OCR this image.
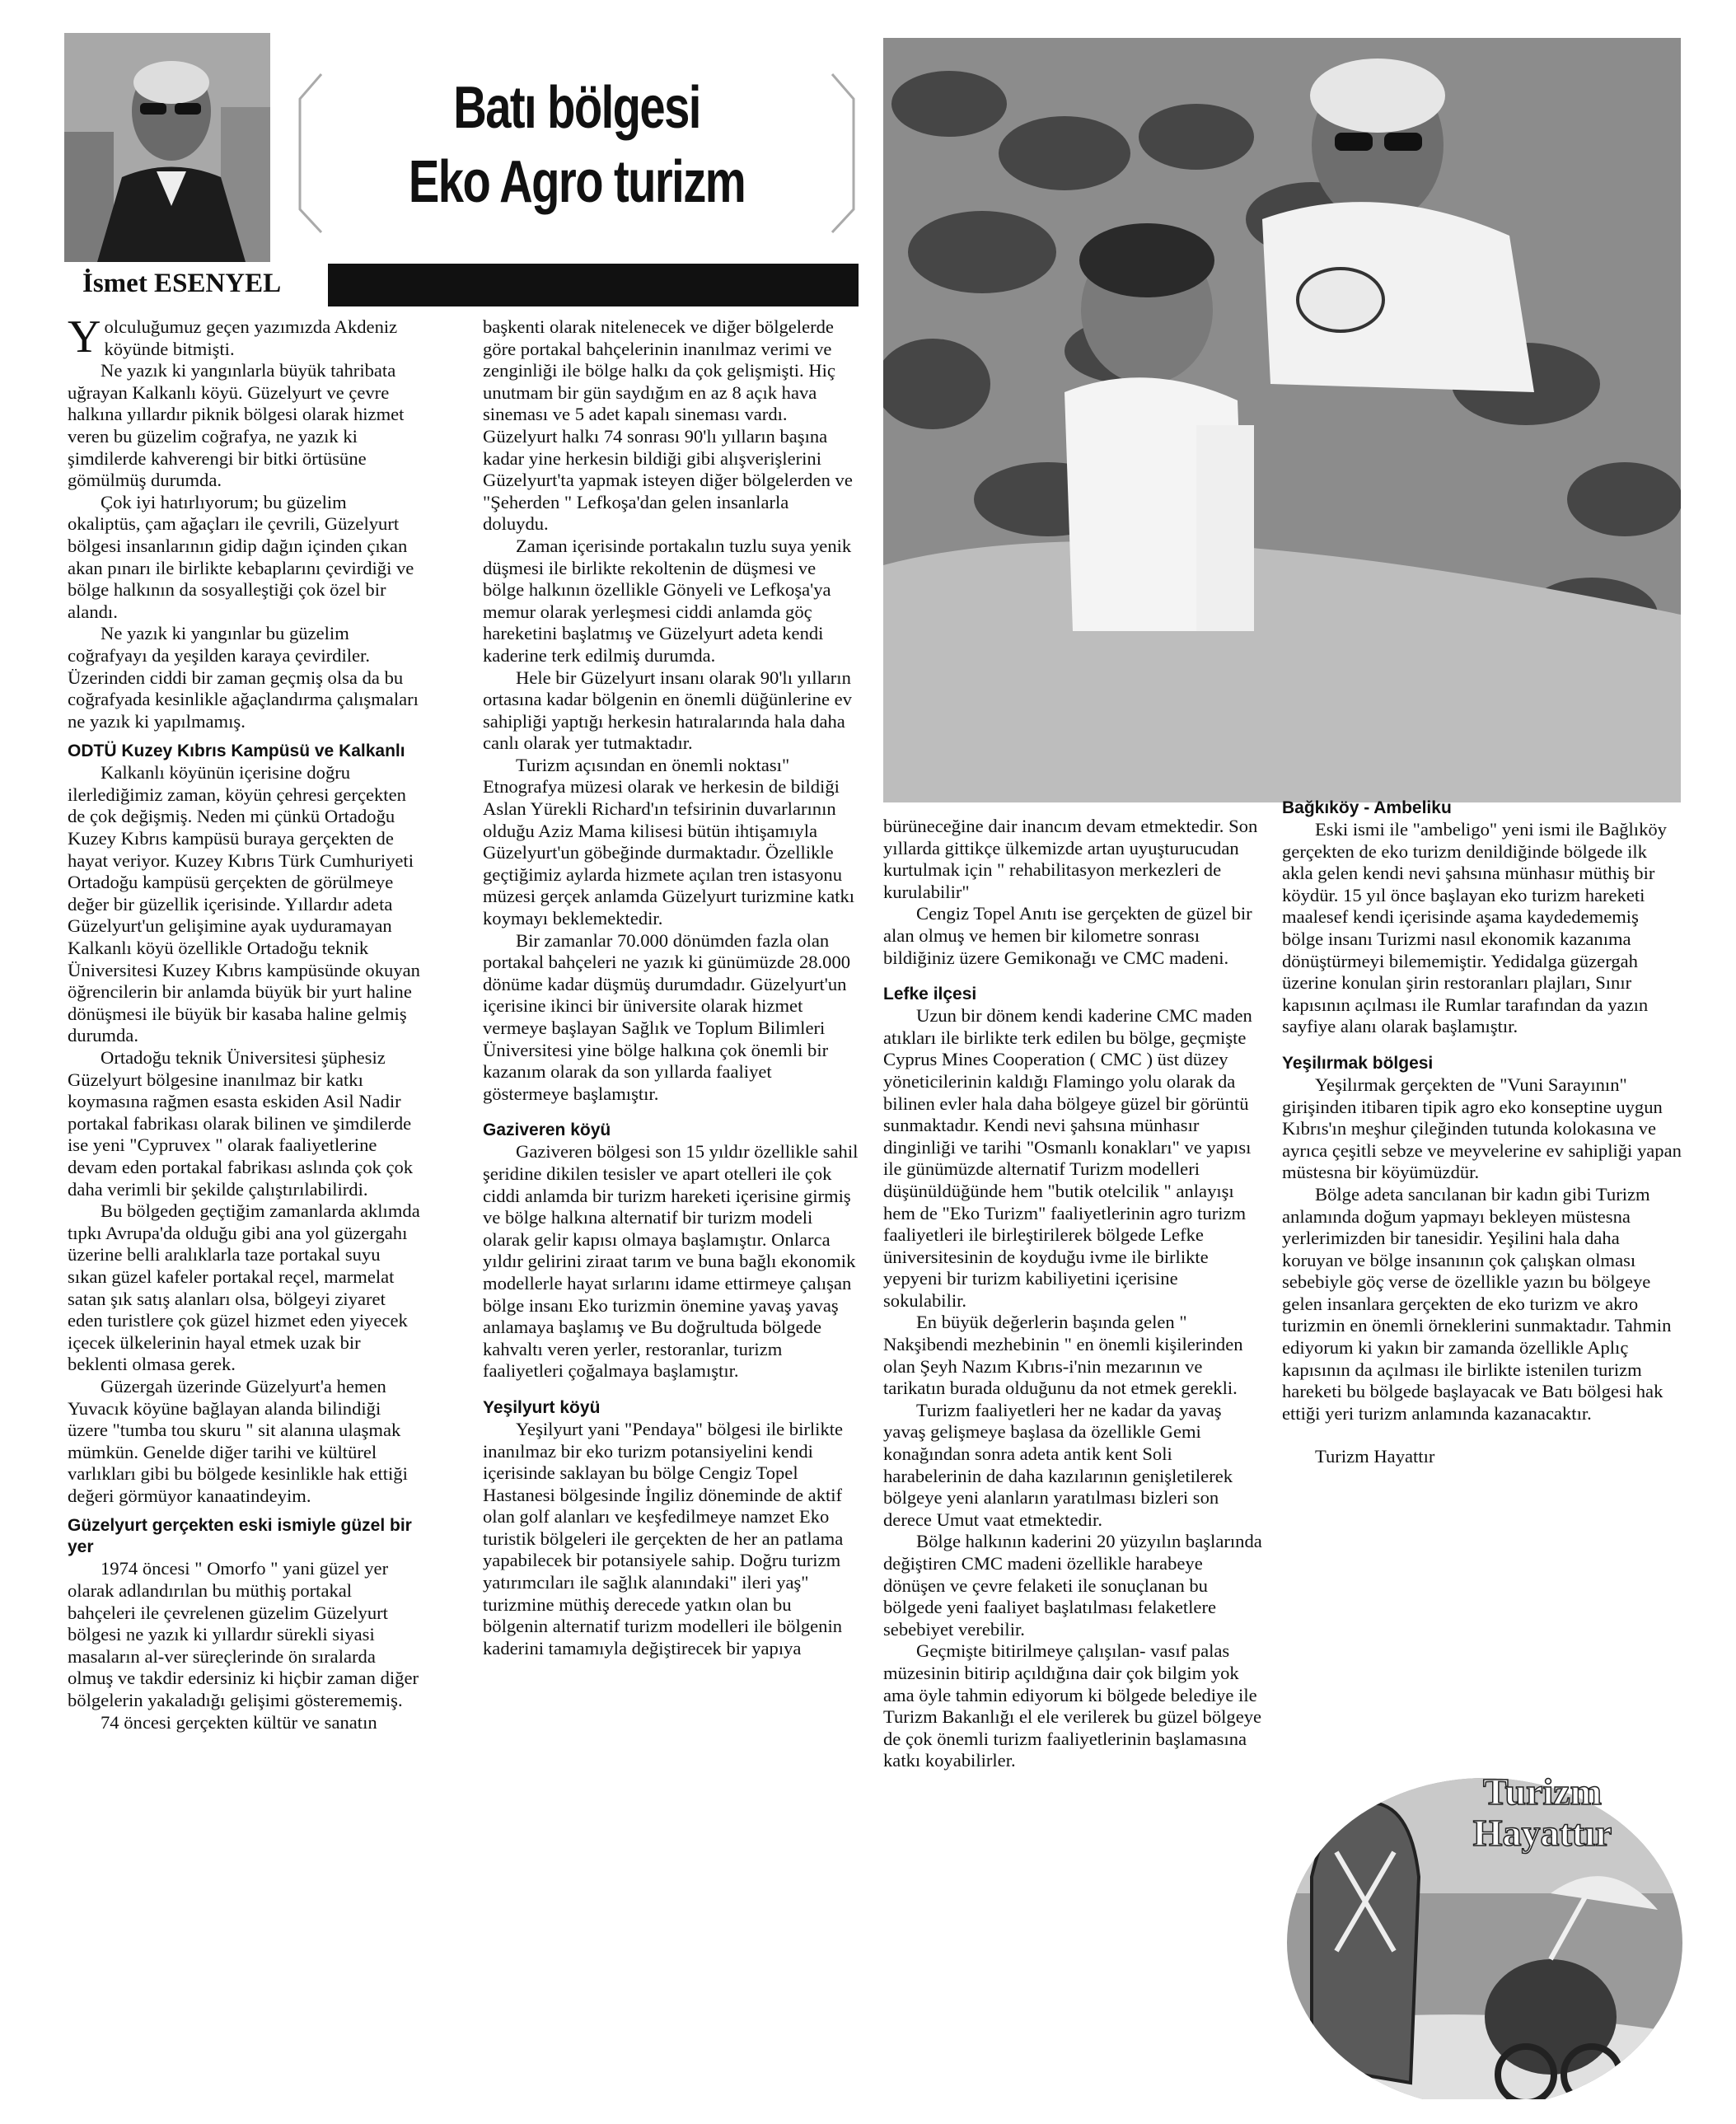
Batı bölgesi
Eko Agro turizm
İsmet ESENYEL

Yolculuğumuz geçen yazımızda Akdeniz köyünde bitmişti.

Ne yazık ki yangınlarla büyük tahribata uğrayan Kalkanlı köyü. Güzelyurt ve çevre halkına yıllardır piknik bölgesi olarak hizmet veren bu güzelim coğrafya, ne yazık ki şimdilerde kahverengi bir bitki örtüsüne gömülmüş durumda.

Çok iyi hatırlıyorum; bu güzelim okaliptüs, çam ağaçları ile çevrili, Güzelyurt bölgesi insanlarının gidip dağın içinden çıkan akan pınarı ile birlikte kebaplarını çevirdiği ve bölge halkının da sosyalleştiği çok özel bir alandı.

Ne yazık ki yangınlar bu güzelim coğrafyayı da yeşilden karaya çevirdiler. Üzerinden ciddi bir zaman geçmiş olsa da bu coğrafyada kesinlikle ağaçlandırma çalışmaları ne yazık ki yapılmamış.

ODTÜ Kuzey Kıbrıs Kampüsü ve Kalkanlı

Kalkanlı köyünün içerisine doğru ilerlediğimiz zaman, köyün çehresi gerçekten de çok değişmiş. Neden mi çünkü Ortadoğu Kuzey Kıbrıs kampüsü buraya gerçekten de hayat veriyor. Kuzey Kıbrıs Türk Cumhuriyeti Ortadoğu kampüsü gerçekten de görülmeye değer bir güzellik içerisinde. Yıllardır adeta Güzelyurt'un gelişimine ayak uyduramayan Kalkanlı köyü özellikle Ortadoğu teknik Üniversitesi Kuzey Kıbrıs kampüsünde okuyan öğrencilerin bir anlamda büyük bir yurt haline dönüşmesi ile büyük bir kasaba haline gelmiş durumda.

Ortadoğu teknik Üniversitesi şüphesiz Güzelyurt bölgesine inanılmaz bir katkı koymasına rağmen esasta eskiden Asil Nadir portakal fabrikası olarak bilinen ve şimdilerde ise yeni "Cypruvex " olarak faaliyetlerine devam eden portakal fabrikası aslında çok çok daha verimli bir şekilde çalıştırılabilirdi.

Bu bölgeden geçtiğim zamanlarda aklımda tıpkı Avrupa'da olduğu gibi ana yol güzergahı üzerine belli aralıklarla taze portakal suyu sıkan güzel kafeler portakal reçel, marmelat satan şık satış alanları olsa, bölgeyi ziyaret eden turistlere çok güzel hizmet eden yiyecek içecek ülkelerinin hayal etmek uzak bir beklenti olmasa gerek.

Güzergah üzerinde Güzelyurt'a hemen Yuvacık köyüne bağlayan alanda bilindiği üzere "tumba tou skuru " sit alanına ulaşmak mümkün. Genelde diğer tarihi ve kültürel varlıkları gibi bu bölgede kesinlikle hak ettiği değeri görmüyor kanaatindeyim.

Güzelyurt gerçekten eski ismiyle güzel bir yer

1974 öncesi " Omorfo " yani güzel yer olarak adlandırılan bu müthiş portakal bahçeleri ile çevrelenen güzelim Güzelyurt bölgesi ne yazık ki yıllardır sürekli siyasi masaların al-ver süreçlerinde ön sıralarda olmuş ve takdir edersiniz ki hiçbir zaman diğer bölgelerin yakaladığı gelişimi gösterememiş.

74 öncesi gerçekten kültür ve sanatın

başkenti olarak nitelenecek ve diğer bölgelerde göre portakal bahçelerinin inanılmaz verimi ve zenginliği ile bölge halkı da çok gelişmişti. Hiç unutmam bir gün saydığım en az 8 açık hava sineması ve 5 adet kapalı sineması vardı. Güzelyurt halkı 74 sonrası 90'lı yılların başına kadar yine herkesin bildiği gibi alışverişlerini Güzelyurt'ta yapmak isteyen diğer bölgelerden ve "Şeherden " Lefkoşa'dan gelen insanlarla doluydu.

Zaman içerisinde portakalın tuzlu suya yenik düşmesi ile birlikte rekoltenin de düşmesi ve bölge halkının özellikle Gönyeli ve Lefkoşa'ya memur olarak yerleşmesi ciddi anlamda göç hareketini başlatmış ve Güzelyurt adeta kendi kaderine terk edilmiş durumda.

Hele bir Güzelyurt insanı olarak 90'lı yılların ortasına kadar bölgenin en önemli düğünlerine ev sahipliği yaptığı herkesin hatıralarında hala daha canlı olarak yer tutmaktadır.

Turizm açısından en önemli noktası" Etnografya müzesi olarak ve herkesin de bildiği Aslan Yürekli Richard'ın tefsirinin duvarlarının olduğu Aziz Mama kilisesi bütün ihtişamıyla Güzelyurt'un göbeğinde durmaktadır. Özellikle geçtiğimiz aylarda hizmete açılan tren istasyonu müzesi gerçek anlamda Güzelyurt turizmine katkı koymayı beklemektedir.

Bir zamanlar 70.000 dönümden fazla olan portakal bahçeleri ne yazık ki günümüzde 28.000 dönüme kadar düşmüş durumdadır. Güzelyurt'un içerisine ikinci bir üniversite olarak hizmet vermeye başlayan Sağlık ve Toplum Bilimleri Üniversitesi yine bölge halkına çok önemli bir kazanım olarak da son yıllarda faaliyet göstermeye başlamıştır.

Gaziveren köyü

Gaziveren bölgesi son 15 yıldır özellikle sahil şeridine dikilen tesisler ve apart otelleri ile çok ciddi anlamda bir turizm hareketi içerisine girmiş ve bölge halkına alternatif bir turizm modeli olarak gelir kapısı olmaya başlamıştır. Onlarca yıldır gelirini ziraat tarım ve buna bağlı ekonomik modellerle hayat sırlarını idame ettirmeye çalışan bölge insanı Eko turizmin önemine yavaş yavaş anlamaya başlamış ve Bu doğrultuda bölgede kahvaltı veren yerler, restoranlar, turizm faaliyetleri çoğalmaya başlamıştır.

Yeşilyurt köyü

Yeşilyurt yani "Pendaya" bölgesi ile birlikte inanılmaz bir eko turizm potansiyelini kendi içerisinde saklayan bu bölge Cengiz Topel Hastanesi bölgesinde İngiliz döneminde de aktif olan golf alanları ve keşfedilmeye namzet Eko turistik bölgeleri ile gerçekten de her an patlama yapabilecek bir potansiyele sahip. Doğru turizm yatırımcıları ile sağlık alanındaki" ileri yaş" turizmine müthiş derecede yatkın olan bu bölgenin alternatif turizm modelleri ile bölgenin kaderini tamamıyla değiştirecek bir yapıya

bürüneceğine dair inancım devam etmektedir. Son yıllarda gittikçe ülkemizde artan uyuşturucudan kurtulmak için " rehabilitasyon merkezleri de kurulabilir"

Cengiz Topel Anıtı ise gerçekten de güzel bir alan olmuş ve hemen bir kilometre sonrası bildiğiniz üzere Gemikonağı ve CMC madeni.

Lefke ilçesi

Uzun bir dönem kendi kaderine CMC maden atıkları ile birlikte terk edilen bu bölge, geçmişte Cyprus Mines Cooperation ( CMC ) üst düzey yöneticilerinin kaldığı Flamingo yolu olarak da bilinen evler hala daha bölgeye güzel bir görüntü sunmaktadır. Kendi nevi şahsına münhasır dinginliği ve tarihi "Osmanlı konakları" ve yapısı ile günümüzde alternatif Turizm modelleri düşünüldüğünde hem "butik otelcilik " anlayışı hem de "Eko Turizm" faaliyetlerinin agro turizm faaliyetleri ile birleştirilerek bölgede Lefke üniversitesinin de koyduğu ivme ile birlikte yepyeni bir turizm kabiliyetini içerisine sokulabilir.

En büyük değerlerin başında gelen " Nakşibendi mezhebinin " en önemli kişilerinden olan Şeyh Nazım Kıbrıs-i'nin mezarının ve tarikatın burada olduğunu da not etmek gerekli.

Turizm faaliyetleri her ne kadar da yavaş yavaş gelişmeye başlasa da özellikle Gemi konağından sonra adeta antik kent Soli harabelerinin de daha kazılarının genişletilerek bölgeye yeni alanların yaratılması bizleri son derece Umut vaat etmektedir.

Bölge halkının kaderini 20 yüzyılın başlarında değiştiren CMC madeni özellikle harabeye dönüşen ve çevre felaketi ile sonuçlanan bu bölgede yeni faaliyet başlatılması felaketlere sebebiyet verebilir.

Geçmişte bitirilmeye çalışılan- vasıf palas müzesinin bitirip açıldığına dair çok bilgim yok ama öyle tahmin ediyorum ki bölgede belediye ile Turizm Bakanlığı el ele verilerek bu güzel bölgeye de çok önemli turizm faaliyetlerinin başlamasına katkı koyabilirler.

Bağkıköy - Ambeliku

Eski ismi ile "ambeligo" yeni ismi ile Bağlıköy gerçekten de eko turizm denildiğinde bölgede ilk akla gelen kendi nevi şahsına münhasır müthiş bir köydür. 15 yıl önce başlayan eko turizm hareketi maalesef kendi içerisinde aşama kaydedememiş bölge insanı Turizmi nasıl ekonomik kazanıma dönüştürmeyi bilememiştir. Yedidalga güzergah üzerine konulan şirin restoranları plajları, Sınır kapısının açılması ile Rumlar tarafından da yazın sayfiye alanı olarak başlamıştır.

Yeşilırmak bölgesi

Yeşilırmak gerçekten de "Vuni Sarayının" girişinden itibaren tipik agro eko konseptine uygun Kıbrıs'ın meşhur çileğinden tutunda kolokasına ve ayrıca çeşitli sebze ve meyvelerine ev sahipliği yapan müstesna bir köyümüzdür.

Bölge adeta sancılanan bir kadın gibi Turizm anlamında doğum yapmayı bekleyen müstesna yerlerimizden bir tanesidir. Yeşilini hala daha koruyan ve bölge insanının çok çalışkan olması sebebiyle göç verse de özellikle yazın bu bölgeye gelen insanlara gerçekten de eko turizm ve akro turizmin en önemli örneklerini sunmaktadır. Tahmin ediyorum ki yakın bir zamanda özellikle Aplıç kapısının da açılması ile birlikte istenilen turizm hareketi bu bölgede başlayacak ve Batı bölgesi hak ettiği yeri turizm anlamında kazanacaktır.

Turizm Hayattır

Turizm
Hayattır
